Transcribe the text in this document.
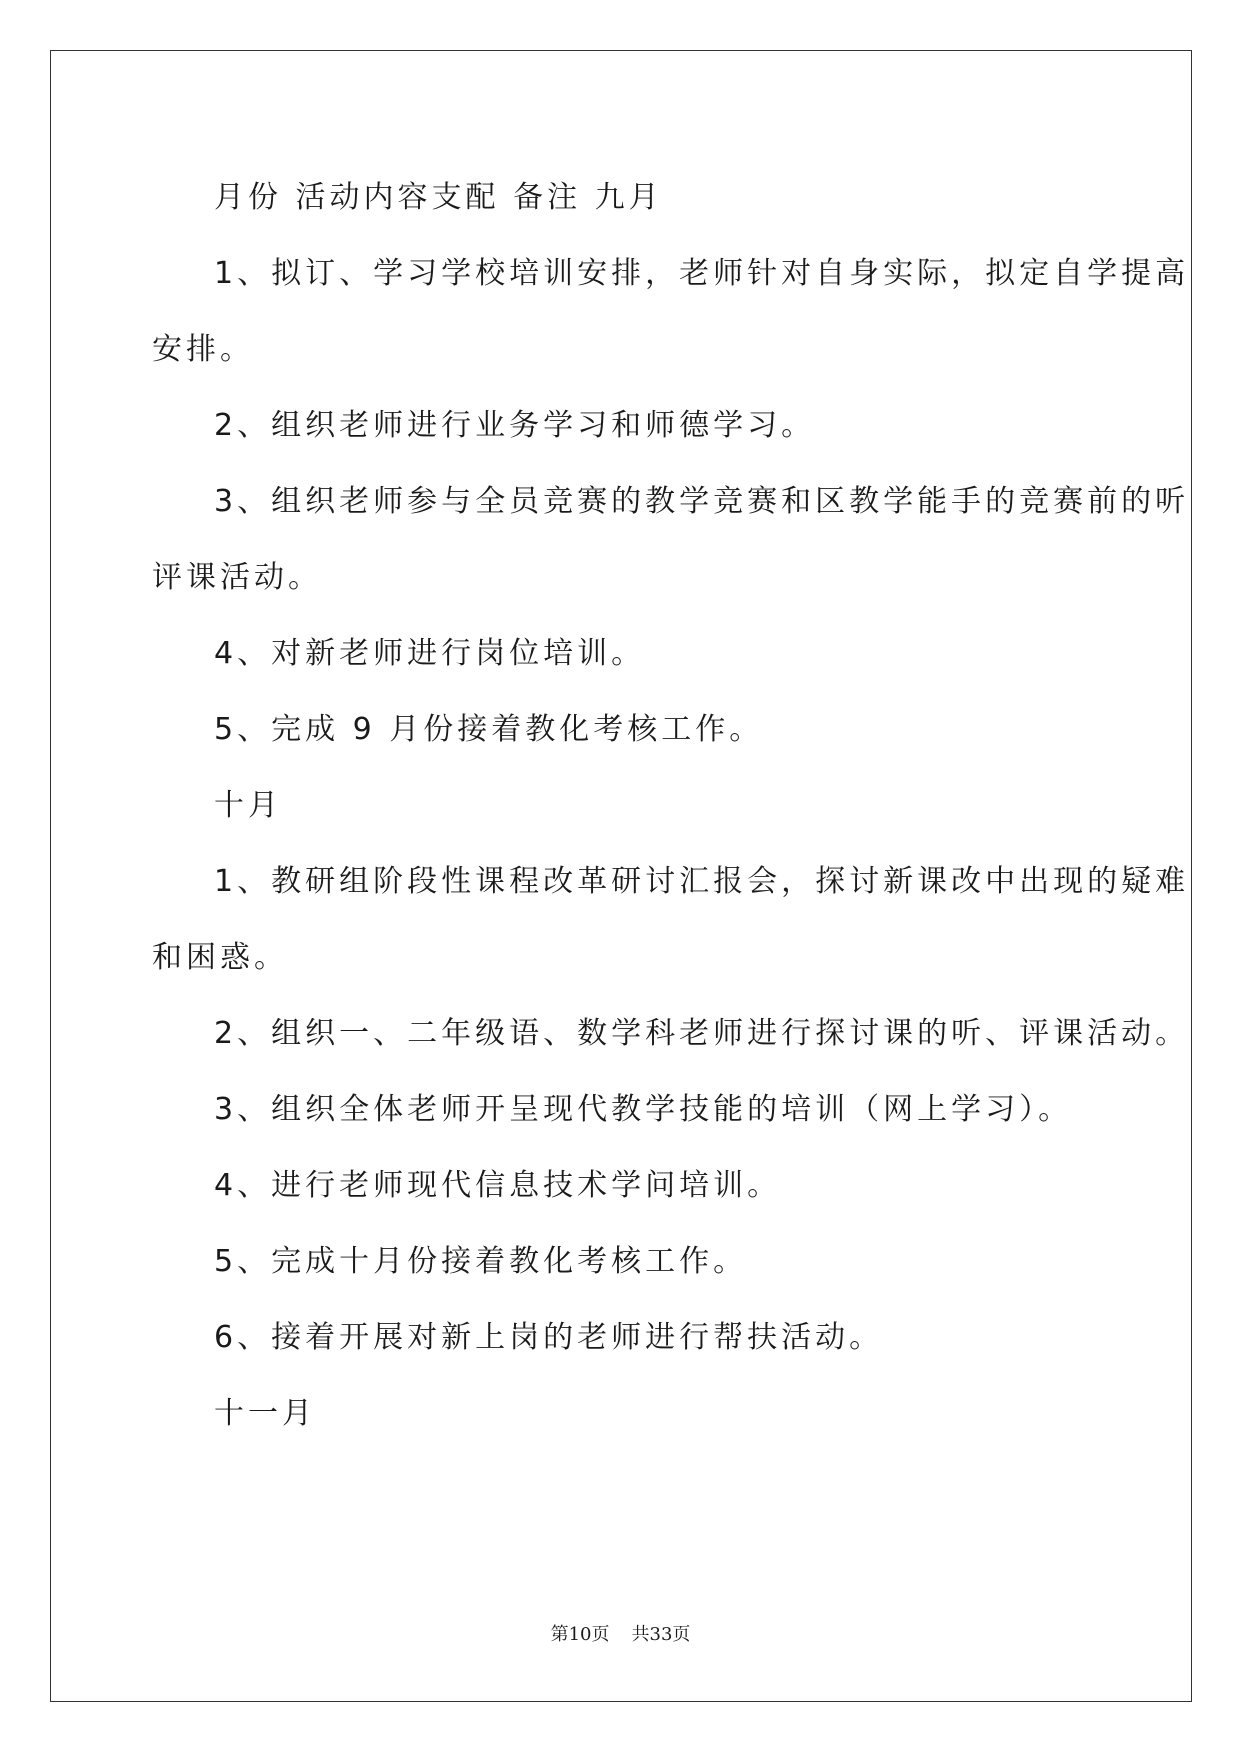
月份 活动内容支配 备注 九月

1、拟订、学习学校培训安排，老师针对自身实际，拟定自学提高

安排。

2、组织老师进行业务学习和师德学习。

3、组织老师参与全员竞赛的教学竞赛和区教学能手的竞赛前的听

评课活动。

4、对新老师进行岗位培训。

5、完成 9 月份接着教化考核工作。

十月

1、教研组阶段性课程改革研讨汇报会，探讨新课改中出现的疑难

和困惑。

2、组织一、二年级语、数学科老师进行探讨课的听、评课活动。

3、组织全体老师开呈现代教学技能的培训（网上学习）。

4、进行老师现代信息技术学问培训。

5、完成十月份接着教化考核工作。

6、接着开展对新上岗的老师进行帮扶活动。

十一月

第10页 共33页
